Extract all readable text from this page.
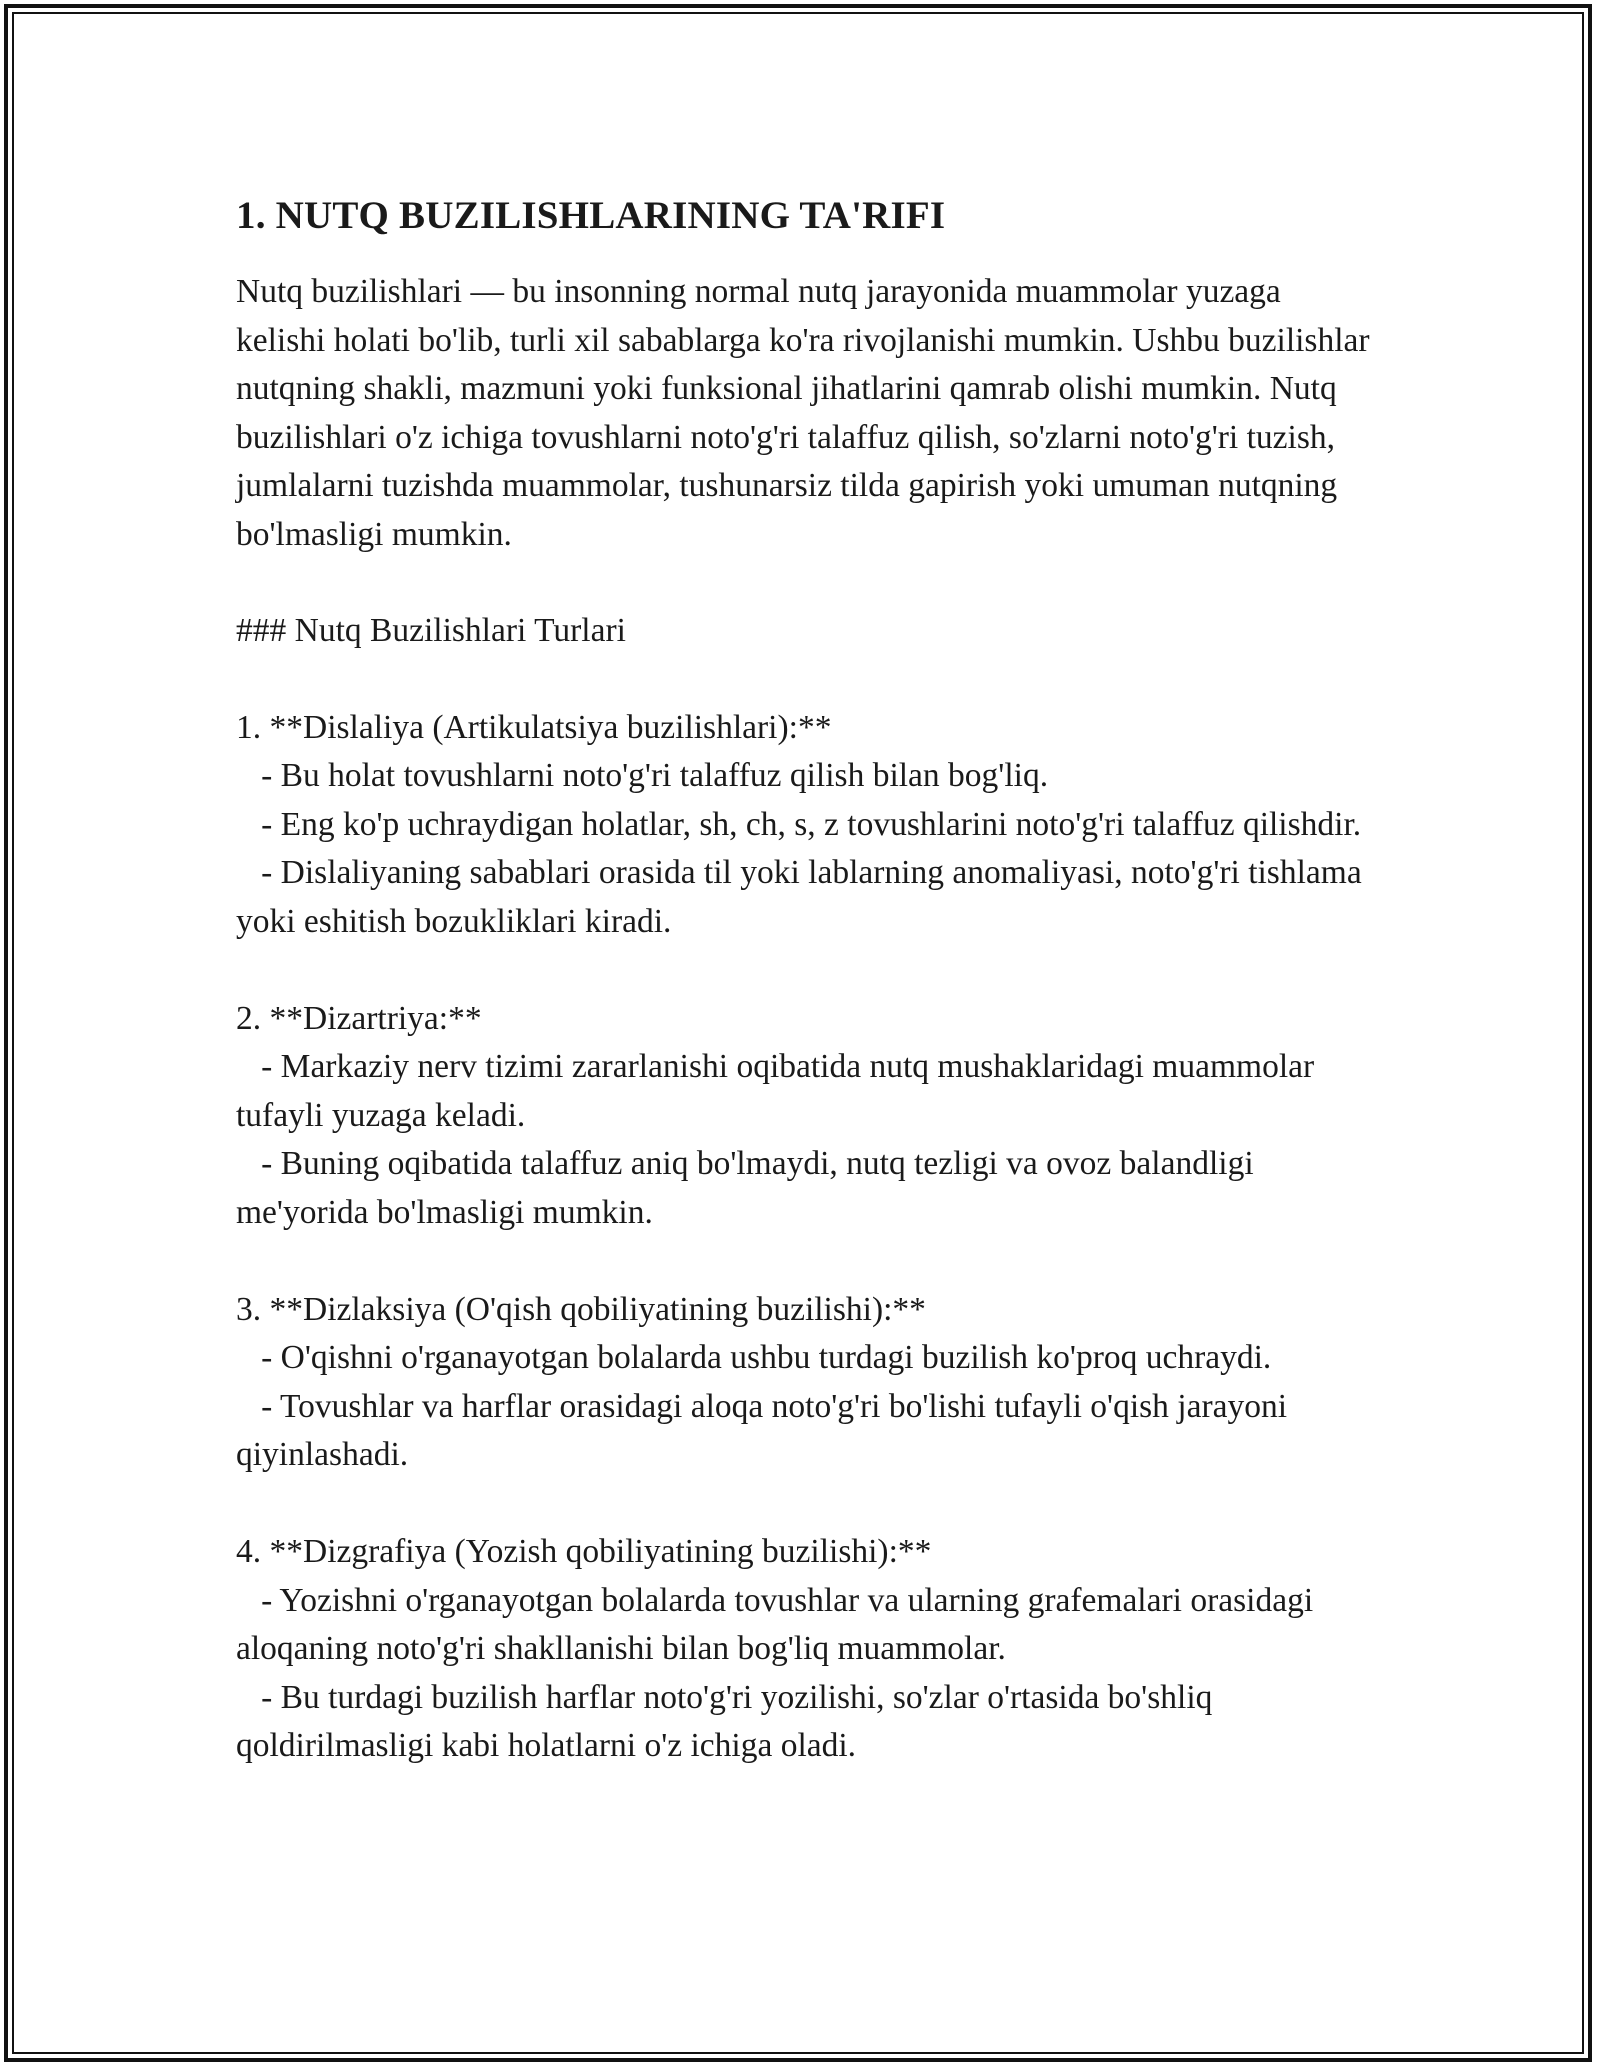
1. NUTQ BUZILISHLARINING TA'RIFI

Nutq buzilishlari — bu insonning normal nutq jarayonida muammolar yuzaga kelishi holati bo'lib, turli xil sabablarga ko'ra rivojlanishi mumkin. Ushbu buzilishlar nutqning shakli, mazmuni yoki funksional jihatlarini qamrab olishi mumkin. Nutq buzilishlari o'z ichiga tovushlarni noto'g'ri talaffuz qilish, so'zlarni noto'g'ri tuzish, jumlalarni tuzishda muammolar, tushunarsiz tilda gapirish yoki umuman nutqning bo'lmasligi mumkin.

### Nutq Buzilishlari Turlari
1. **Dislaliya (Artikulatsiya buzilishlari):**
- Bu holat tovushlarni noto'g'ri talaffuz qilish bilan bog'liq.
- Eng ko'p uchraydigan holatlar, sh, ch, s, z tovushlarini noto'g'ri talaffuz qilishdir.
- Dislaliyaning sabablari orasida til yoki lablarning anomaliyasi, noto'g'ri tishlama yoki eshitish bozukliklari kiradi.
2. **Dizartriya:**
- Markaziy nerv tizimi zararlanishi oqibatida nutq mushaklaridagi muammolar tufayli yuzaga keladi.
- Buning oqibatida talaffuz aniq bo'lmaydi, nutq tezligi va ovoz balandligi me'yorida bo'lmasligi mumkin.
3. **Dizlaksiya (O'qish qobiliyatining buzilishi):**
- O'qishni o'rganayotgan bolalarda ushbu turdagi buzilish ko'proq uchraydi.
- Tovushlar va harflar orasidagi aloqa noto'g'ri bo'lishi tufayli o'qish jarayoni qiyinlashadi.
4. **Dizgrafiya (Yozish qobiliyatining buzilishi):**
- Yozishni o'rganayotgan bolalarda tovushlar va ularning grafemalari orasidagi aloqaning noto'g'ri shakllanishi bilan bog'liq muammolar.
- Bu turdagi buzilish harflar noto'g'ri yozilishi, so'zlar o'rtasida bo'shliq qoldirilmasligi kabi holatlarni o'z ichiga oladi.
